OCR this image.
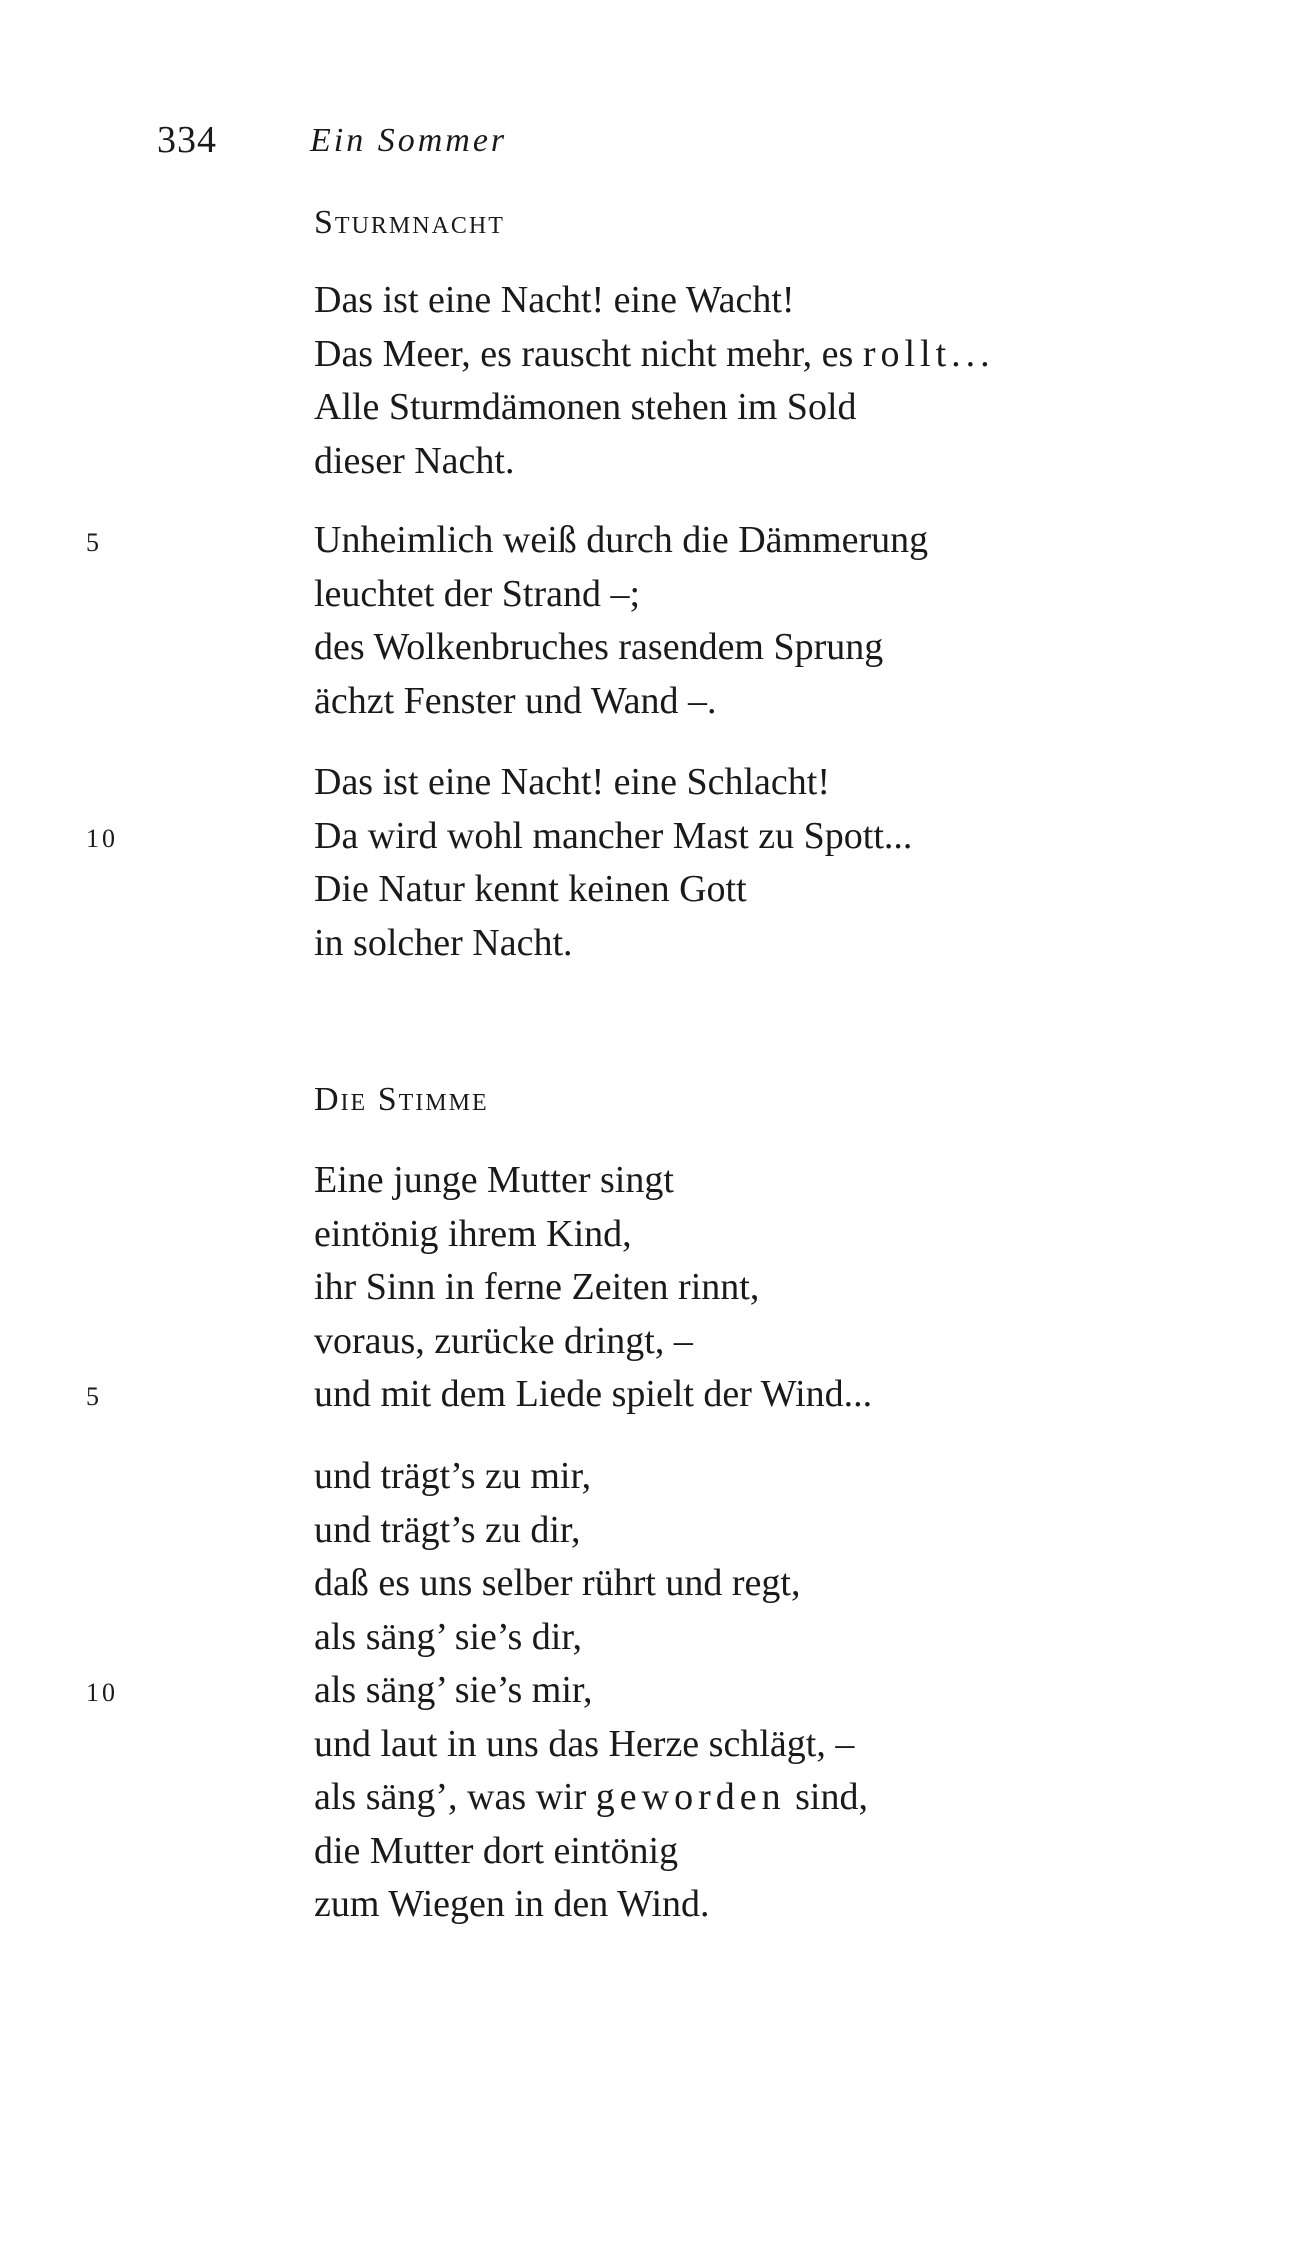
334	Ein Sommer
Sturmnacht
Das ist eine Nacht! eine Wacht!
Das Meer, es rauscht nicht mehr, es rollt...
Alle Sturmdämonen stehen im Sold
dieser Nacht.
5	Unheimlich weiß durch die Dämmerung
leuchtet der Strand –;
des Wolkenbruches rasendem Sprung
ächzt Fenster und Wand –.
Das ist eine Nacht! eine Schlacht!
10	Da wird wohl mancher Mast zu Spott...
Die Natur kennt keinen Gott
in solcher Nacht.
Die Stimme
Eine junge Mutter singt
eintönig ihrem Kind,
ihr Sinn in ferne Zeiten rinnt,
voraus, zurücke dringt, –
5	und mit dem Liede spielt der Wind...
und trägt’s zu mir,
und trägt’s zu dir,
daß es uns selber rührt und regt,
als säng’ sie’s dir,
10	als säng’ sie’s mir,
und laut in uns das Herze schlägt, –
als säng’, was wir geworden sind,
die Mutter dort eintönig
zum Wiegen in den Wind.
